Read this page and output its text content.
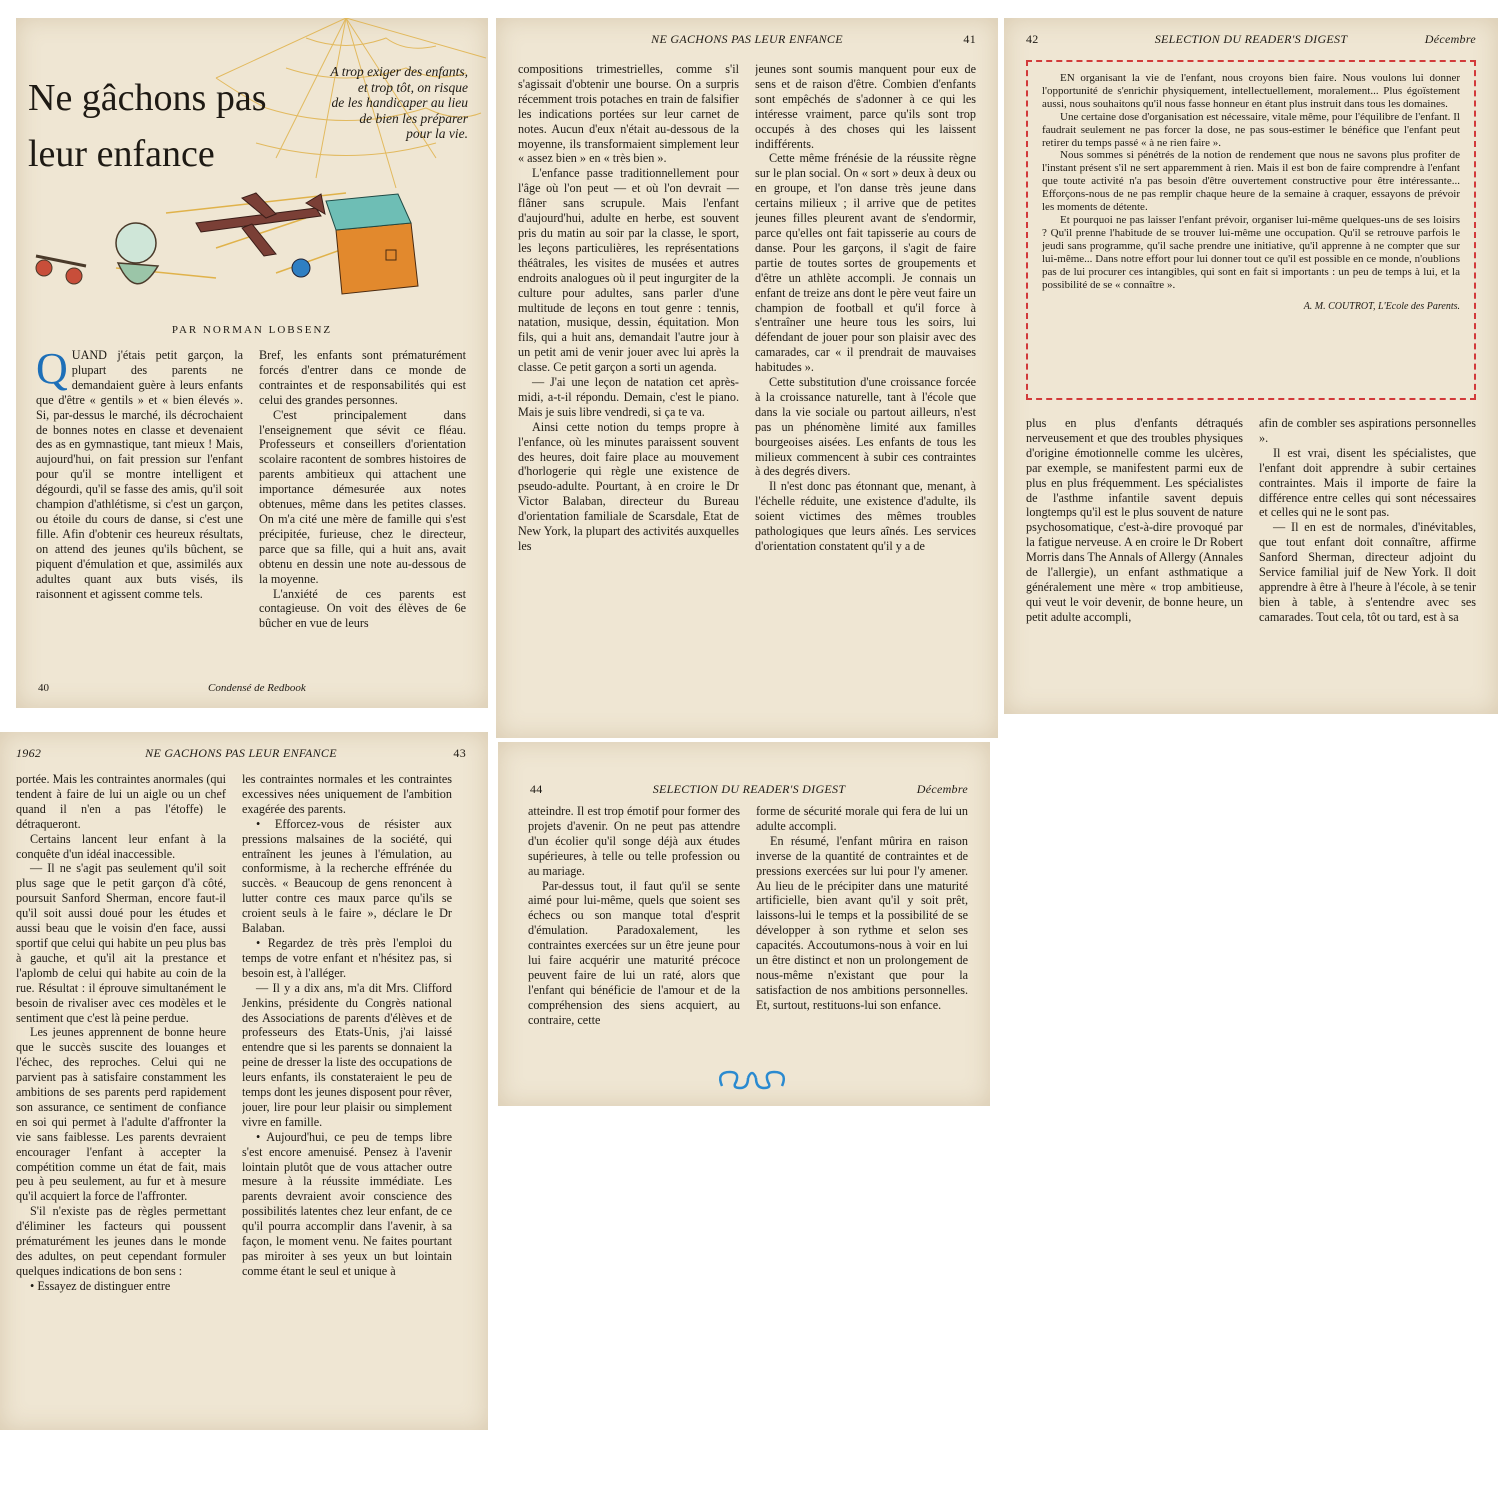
Ne gâchons pas
leur enfance
A trop exiger des enfants,
et trop tôt, on risque
de les handicaper au lieu
de bien les préparer
pour la vie.
PAR NORMAN LOBSENZ
Q UAND j'étais petit garçon, la plupart des parents ne demandaient guère à leurs enfants que d'être « gentils » et « bien élevés ». Si, par-dessus le marché, ils décrochaient de bonnes notes en classe et devenaient des as en gymnastique, tant mieux ! Mais, aujourd'hui, on fait pression sur l'enfant pour qu'il se montre intelligent et dégourdi, qu'il se fasse des amis, qu'il soit champion d'athlétisme, si c'est un garçon, ou étoile du cours de danse, si c'est une fille. Afin d'obtenir ces heureux résultats, on attend des jeunes qu'ils bûchent, se piquent d'émulation et que, assimilés aux adultes quant aux buts visés, ils raisonnent et agissent comme tels.

Bref, les enfants sont prématurément forcés d'entrer dans ce monde de contraintes et de responsabilités qui est celui des grandes personnes.

C'est principalement dans l'enseignement que sévit ce fléau. Professeurs et conseillers d'orientation scolaire racontent de sombres histoires de parents ambitieux qui attachent une importance démesurée aux notes obtenues, même dans les petites classes. On m'a cité une mère de famille qui s'est précipitée, furieuse, chez le directeur, parce que sa fille, qui a huit ans, avait obtenu en dessin une note au-dessous de la moyenne.

L'anxiété de ces parents est contagieuse. On voit des élèves de 6e bûcher en vue de leurs

40	Condensé de Redbook
NE GACHONS PAS LEUR ENFANCE	41

compositions trimestrielles, comme s'il s'agissait d'obtenir une bourse. On a surpris récemment trois potaches en train de falsifier les indications portées sur leur carnet de notes. Aucun d'eux n'était au-dessous de la moyenne, ils transformaient simplement leur « assez bien » en « très bien ».

L'enfance passe traditionnellement pour l'âge où l'on peut — et où l'on devrait — flâner sans scrupule. Mais l'enfant d'aujourd'hui, adulte en herbe, est souvent pris du matin au soir par la classe, le sport, les leçons particulières, les représentations théâtrales, les visites de musées et autres endroits analogues où il peut ingurgiter de la culture pour adultes, sans parler d'une multitude de leçons en tout genre : tennis, natation, musique, dessin, équitation. Mon fils, qui a huit ans, demandait l'autre jour à un petit ami de venir jouer avec lui après la classe. Ce petit garçon a sorti un agenda.

— J'ai une leçon de natation cet après-midi, a-t-il répondu. Demain, c'est le piano. Mais je suis libre vendredi, si ça te va.

Ainsi cette notion du temps propre à l'enfance, où les minutes paraissent souvent des heures, doit faire place au mouvement d'horlogerie qui règle une existence de pseudo-adulte. Pourtant, à en croire le Dr Victor Balaban, directeur du Bureau d'orientation familiale de Scarsdale, Etat de New York, la plupart des activités auxquelles les

jeunes sont soumis manquent pour eux de sens et de raison d'être. Combien d'enfants sont empêchés de s'adonner à ce qui les intéresse vraiment, parce qu'ils sont trop occupés à des choses qui les laissent indifférents.

Cette même frénésie de la réussite règne sur le plan social. On « sort » deux à deux ou en groupe, et l'on danse très jeune dans certains milieux ; il arrive que de petites jeunes filles pleurent avant de s'endormir, parce qu'elles ont fait tapisserie au cours de danse. Pour les garçons, il s'agit de faire partie de toutes sortes de groupements et d'être un athlète accompli. Je connais un enfant de treize ans dont le père veut faire un champion de football et qu'il force à s'entraîner une heure tous les soirs, lui défendant de jouer pour son plaisir avec des camarades, car « il prendrait de mauvaises habitudes ».

Cette substitution d'une croissance forcée à la croissance naturelle, tant à l'école que dans la vie sociale ou partout ailleurs, n'est pas un phénomène limité aux familles bourgeoises aisées. Les enfants de tous les milieux commencent à subir ces contraintes à des degrés divers.

Il n'est donc pas étonnant que, menant, à l'échelle réduite, une existence d'adulte, ils soient victimes des mêmes troubles pathologiques que leurs aînés. Les services d'orientation constatent qu'il y a de

42	SELECTION DU READER'S DIGEST	Décembre

EN organisant la vie de l'enfant, nous croyons bien faire. Nous voulons lui donner l'opportunité de s'enrichir physiquement, intellectuellement, moralement... Plus égoïstement aussi, nous souhaitons qu'il nous fasse honneur en étant plus instruit dans tous les domaines.

Une certaine dose d'organisation est nécessaire, vitale même, pour l'équilibre de l'enfant. Il faudrait seulement ne pas forcer la dose, ne pas sous-estimer le bénéfice que l'enfant peut retirer du temps passé « à ne rien faire ».

Nous sommes si pénétrés de la notion de rendement que nous ne savons plus profiter de l'instant présent s'il ne sert apparemment à rien. Mais il est bon de faire comprendre à l'enfant que toute activité n'a pas besoin d'être ouvertement constructive pour être intéressante... Efforçons-nous de ne pas remplir chaque heure de la semaine à craquer, essayons de prévoir les moments de détente.

Et pourquoi ne pas laisser l'enfant prévoir, organiser lui-même quelques-uns de ses loisirs ? Qu'il prenne l'habitude de se trouver lui-même une occupation. Qu'il se retrouve parfois le jeudi sans programme, qu'il sache prendre une initiative, qu'il apprenne à ne compter que sur lui-même... Dans notre effort pour lui donner tout ce qu'il est possible en ce monde, n'oublions pas de lui procurer ces intangibles, qui sont en fait si importants : un peu de temps à lui, et la possibilité de se « connaître ».

A. M. COUTROT, L'Ecole des Parents.

plus en plus d'enfants détraqués nerveusement et que des troubles physiques d'origine émotionnelle comme les ulcères, par exemple, se manifestent parmi eux de plus en plus fréquemment. Les spécialistes de l'asthme infantile savent depuis longtemps qu'il est le plus souvent de nature psychosomatique, c'est-à-dire provoqué par la fatigue nerveuse. A en croire le Dr Robert Morris dans The Annals of Allergy (Annales de l'allergie), un enfant asthmatique a généralement une mère « trop ambitieuse, qui veut le voir devenir, de bonne heure, un petit adulte accompli,

afin de combler ses aspirations personnelles ».

Il est vrai, disent les spécialistes, que l'enfant doit apprendre à subir certaines contraintes. Mais il importe de faire la différence entre celles qui sont nécessaires et celles qui ne le sont pas.

— Il en est de normales, d'inévitables, que tout enfant doit connaître, affirme Sanford Sherman, directeur adjoint du Service familial juif de New York. Il doit apprendre à être à l'heure à l'école, à se tenir bien à table, à s'entendre avec ses camarades. Tout cela, tôt ou tard, est à sa

1962	NE GACHONS PAS LEUR ENFANCE	43

portée. Mais les contraintes anormales (qui tendent à faire de lui un aigle ou un chef quand il n'en a pas l'étoffe) le détraqueront.

Certains lancent leur enfant à la conquête d'un idéal inaccessible.

— Il ne s'agit pas seulement qu'il soit plus sage que le petit garçon d'à côté, poursuit Sanford Sherman, encore faut-il qu'il soit aussi doué pour les études et aussi beau que le voisin d'en face, aussi sportif que celui qui habite un peu plus bas à gauche, et qu'il ait la prestance et l'aplomb de celui qui habite au coin de la rue. Résultat : il éprouve simultanément le besoin de rivaliser avec ces modèles et le sentiment que c'est là peine perdue.

Les jeunes apprennent de bonne heure que le succès suscite des louanges et l'échec, des reproches. Celui qui ne parvient pas à satisfaire constamment les ambitions de ses parents perd rapidement son assurance, ce sentiment de confiance en soi qui permet à l'adulte d'affronter la vie sans faiblesse. Les parents devraient encourager l'enfant à accepter la compétition comme un état de fait, mais peu à peu seulement, au fur et à mesure qu'il acquiert la force de l'affronter.

S'il n'existe pas de règles permettant d'éliminer les facteurs qui poussent prématurément les jeunes dans le monde des adultes, on peut cependant formuler quelques indications de bon sens :

• Essayez de distinguer entre

les contraintes normales et les contraintes excessives nées uniquement de l'ambition exagérée des parents.

• Efforcez-vous de résister aux pressions malsaines de la société, qui entraînent les jeunes à l'émulation, au conformisme, à la recherche effrénée du succès. « Beaucoup de gens renoncent à lutter contre ces maux parce qu'ils se croient seuls à le faire », déclare le Dr Balaban.

• Regardez de très près l'emploi du temps de votre enfant et n'hésitez pas, si besoin est, à l'alléger.

— Il y a dix ans, m'a dit Mrs. Clifford Jenkins, présidente du Congrès national des Associations de parents d'élèves et de professeurs des Etats-Unis, j'ai laissé entendre que si les parents se donnaient la peine de dresser la liste des occupations de leurs enfants, ils constateraient le peu de temps dont les jeunes disposent pour rêver, jouer, lire pour leur plaisir ou simplement vivre en famille.

• Aujourd'hui, ce peu de temps libre s'est encore amenuisé. Pensez à l'avenir lointain plutôt que de vous attacher outre mesure à la réussite immédiate. Les parents devraient avoir conscience des possibilités latentes chez leur enfant, de ce qu'il pourra accomplir dans l'avenir, à sa façon, le moment venu. Ne faites pourtant pas miroiter à ses yeux un but lointain comme étant le seul et unique à

44	SELECTION DU READER'S DIGEST	Décembre

atteindre. Il est trop émotif pour former des projets d'avenir. On ne peut pas attendre d'un écolier qu'il songe déjà aux études supérieures, à telle ou telle profession ou au mariage.

Par-dessus tout, il faut qu'il se sente aimé pour lui-même, quels que soient ses échecs ou son manque total d'esprit d'émulation. Paradoxalement, les contraintes exercées sur un être jeune pour lui faire acquérir une maturité précoce peuvent faire de lui un raté, alors que l'enfant qui bénéficie de l'amour et de la compréhension des siens acquiert, au contraire, cette

forme de sécurité morale qui fera de lui un adulte accompli.

En résumé, l'enfant mûrira en raison inverse de la quantité de contraintes et de pressions exercées sur lui pour l'y amener. Au lieu de le précipiter dans une maturité artificielle, bien avant qu'il y soit prêt, laissons-lui le temps et la possibilité de se développer à son rythme et selon ses capacités. Accoutumons-nous à voir en lui un être distinct et non un prolongement de nous-même n'existant que pour la satisfaction de nos ambitions personnelles. Et, surtout, restituons-lui son enfance.
